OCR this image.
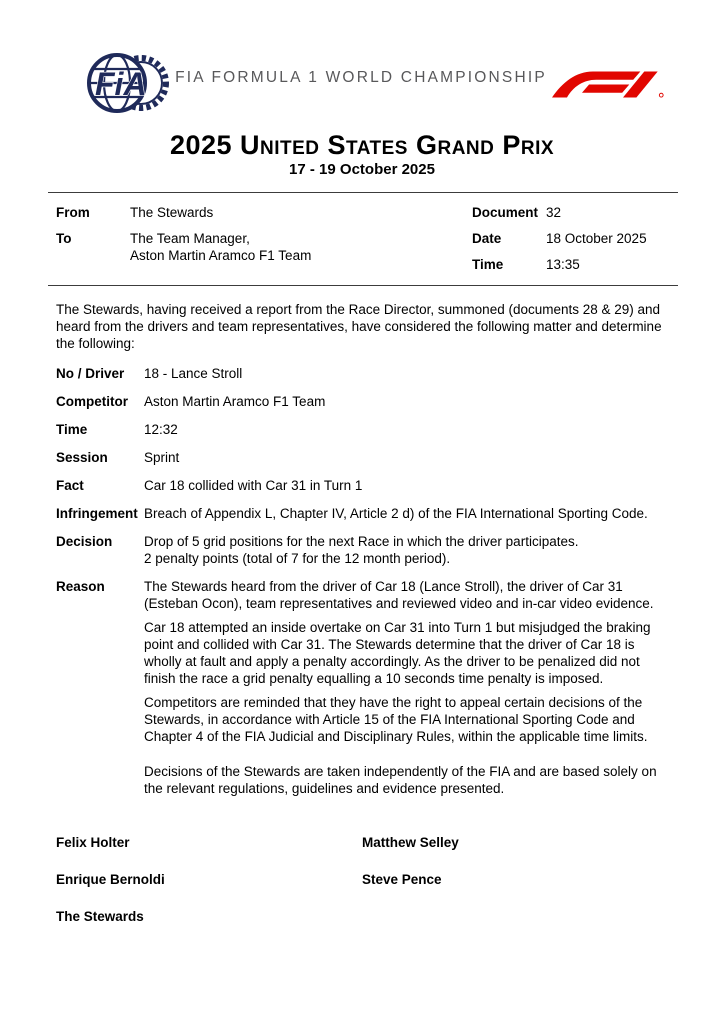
FiA	FIA FORMULA 1 WORLD CHAMPIONSHIP
2025 United States Grand Prix
17 - 19 October 2025
From	The Stewards
To	The Team Manager,
Aston Martin Aramco F1 Team
Document 32
Date	18 October 2025
Time	13:35

The Stewards, having received a report from the Race Director, summoned (documents 28 & 29) and heard from the drivers and team representatives, have considered the following matter and determine the following:

No / Driver	18 - Lance Stroll
Competitor	Aston Martin Aramco F1 Team
Time	12:32
Session	Sprint
Fact	Car 18 collided with Car 31 in Turn 1
Infringement Breach of Appendix L, Chapter IV, Article 2 d) of the FIA International Sporting Code.
Decision	Drop of 5 grid positions for the next Race in which the driver participates.
2 penalty points (total of 7 for the 12 month period).
Reason	The Stewards heard from the driver of Car 18 (Lance Stroll), the driver of Car 31 (Esteban Ocon), team representatives and reviewed video and in-car video evidence.

Car 18 attempted an inside overtake on Car 31 into Turn 1 but misjudged the braking point and collided with Car 31. The Stewards determine that the driver of Car 18 is wholly at fault and apply a penalty accordingly. As the driver to be penalized did not finish the race a grid penalty equalling a 10 seconds time penalty is imposed.

Competitors are reminded that they have the right to appeal certain decisions of the Stewards, in accordance with Article 15 of the FIA International Sporting Code and Chapter 4 of the FIA Judicial and Disciplinary Rules, within the applicable time limits.

Decisions of the Stewards are taken independently of the FIA and are based solely on the relevant regulations, guidelines and evidence presented.

Felix Holter	Matthew Selley
Enrique Bernoldi	Steve Pence
The Stewards
